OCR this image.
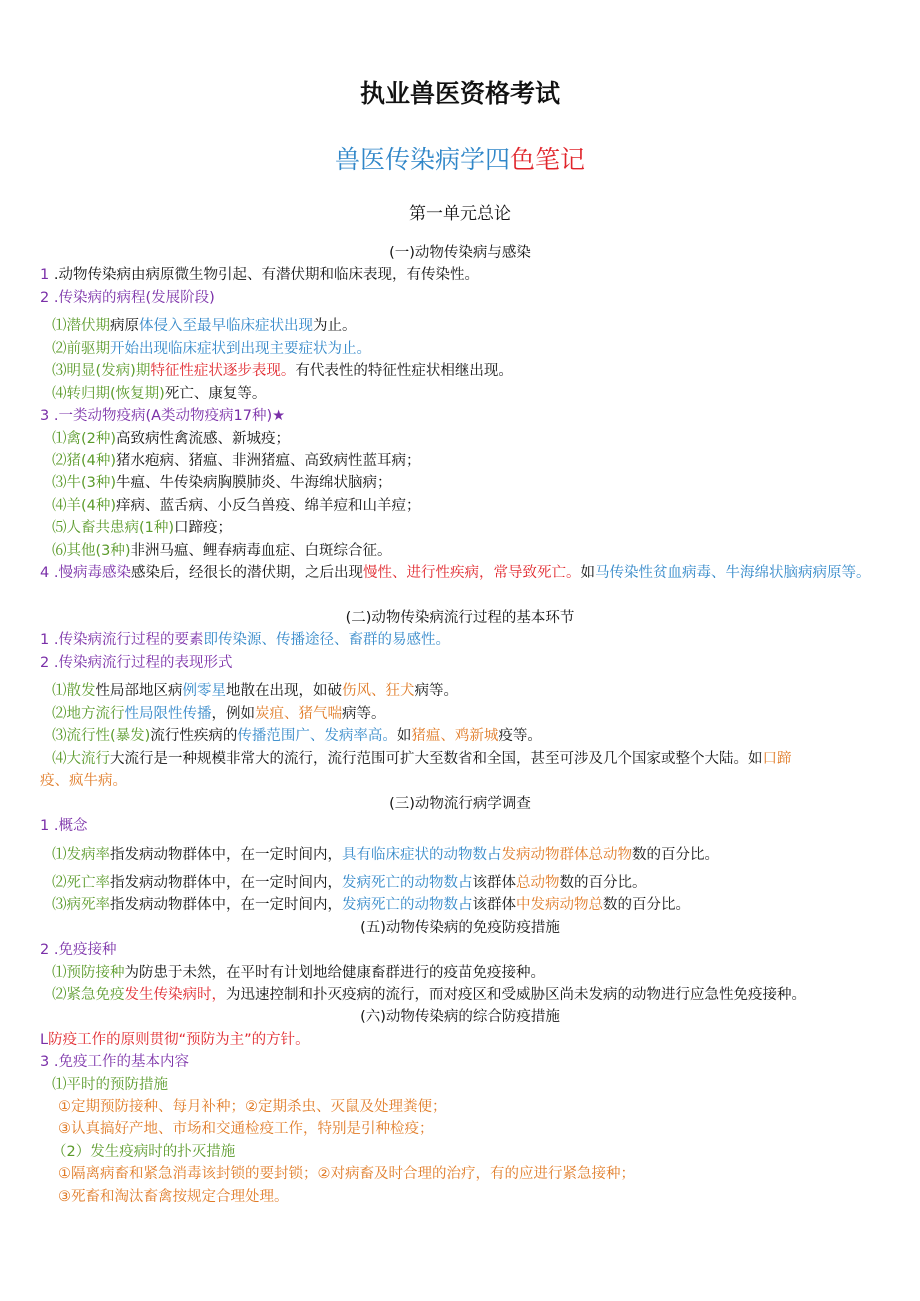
执业兽医资格考试
兽医传染病学四色笔记
第一单元总论
(一)动物传染病与感染
1 .动物传染病由病原微生物引起、有潜伏期和临床表现，有传染性。
2 .传染病的病程(发展阶段)
⑴潜伏期病原体侵入至最早临床症状出现为止。
⑵前驱期开始出现临床症状到出现主要症状为止。
⑶明显(发病)期特征性症状逐步表现。有代表性的特征性症状相继出现。
⑷转归期(恢复期)死亡、康复等。
3 .一类动物疫病(A类动物疫病17种)★
⑴禽(2种)高致病性禽流感、新城疫；
⑵猪(4种)猪水疱病、猪瘟、非洲猪瘟、高致病性蓝耳病；
⑶牛(3种)牛瘟、牛传染病胸膜肺炎、牛海绵状脑病；
⑷羊(4种)痒病、蓝舌病、小反刍兽疫、绵羊痘和山羊痘；
⑸人畜共患病(1种)口蹄疫；
⑹其他(3种)非洲马瘟、鲤春病毒血症、白斑综合征。
4 .慢病毒感染感染后，经很长的潜伏期，之后出现慢性、进行性疾病，常导致死亡。如马传染性贫血病毒、牛海绵状脑病病原等。
(二)动物传染病流行过程的基本环节
1 .传染病流行过程的要素即传染源、传播途径、畜群的易感性。
2 .传染病流行过程的表现形式
⑴散发性局部地区病例零星地散在出现，如破伤风、狂犬病等。
⑵地方流行性局限性传播，例如炭疽、猪气喘病等。
⑶流行性(暴发)流行性疾病的传播范围广、发病率高。如猪瘟、鸡新城疫等。
⑷大流行大流行是一种规模非常大的流行，流行范围可扩大至数省和全国，甚至可涉及几个国家或整个大陆。如口蹄
疫、疯牛病。
(三)动物流行病学调查
1 .概念
⑴发病率指发病动物群体中，在一定时间内，具有临床症状的动物数占发病动物群体总动物数的百分比。
⑵死亡率指发病动物群体中，在一定时间内，发病死亡的动物数占该群体总动物数的百分比。
⑶病死率指发病动物群体中，在一定时间内，发病死亡的动物数占该群体中发病动物总数的百分比。
(五)动物传染病的免疫防疫措施
2 .免疫接种
⑴预防接种为防患于未然，在平时有计划地给健康畜群进行的疫苗免疫接种。
⑵紧急免疫发生传染病时，为迅速控制和扑灭疫病的流行，而对疫区和受威胁区尚未发病的动物进行应急性免疫接种。
(六)动物传染病的综合防疫措施
L防疫工作的原则贯彻“预防为主”的方针。
3 .免疫工作的基本内容
⑴平时的预防措施
①定期预防接种、每月补种；②定期杀虫、灭鼠及处理粪便；
③认真搞好产地、市场和交通检疫工作，特别是引种检疫；
（2）发生疫病时的扑灭措施
①隔离病畜和紧急消毒该封锁的要封锁；②对病畜及时合理的治疗，有的应进行紧急接种；
③死畜和淘汰畜禽按规定合理处理。
